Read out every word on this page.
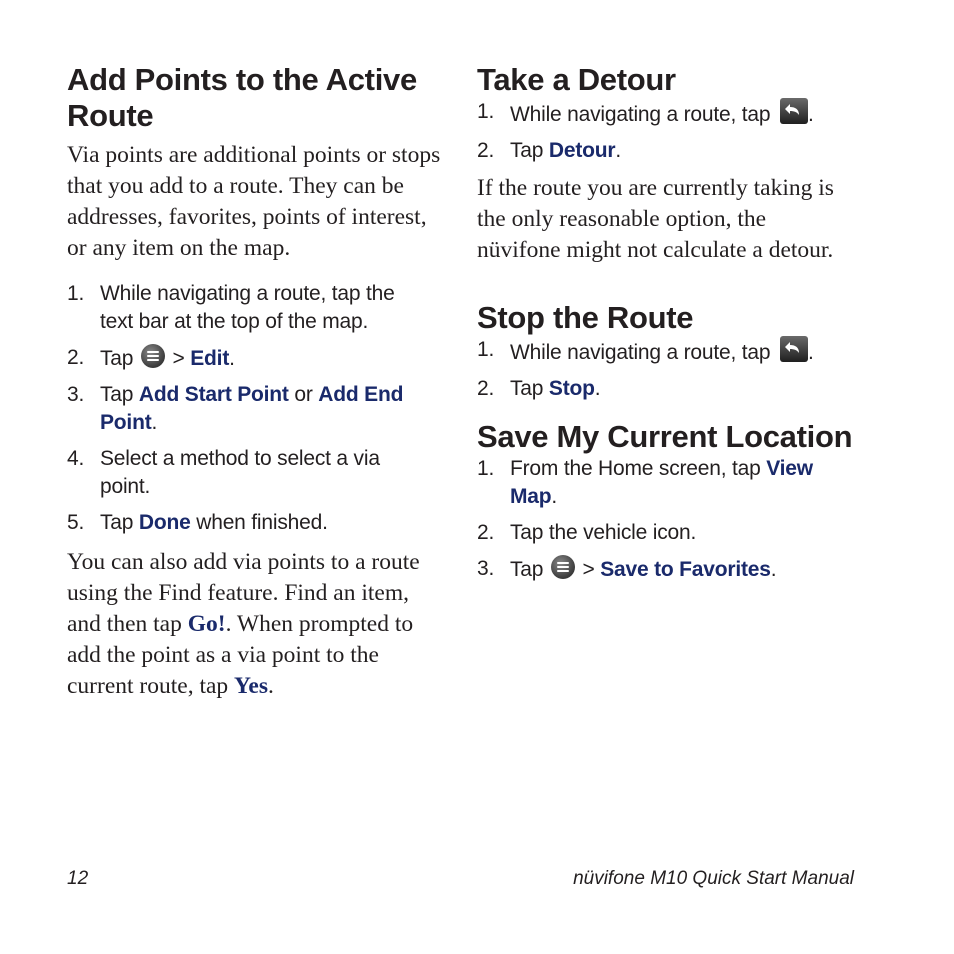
Add Points to the Active Route

Via points are additional points or stops that you add to a route. They can be addresses, favorites, points of interest, or any item on the map.

1. While navigating a route, tap the text bar at the top of the map.
2. Tap
> Edit.
3. Tap Add Start Point or Add End Point.
4. Select a method to select a via point.
5. Tap Done when finished.

You can also add via points to a route using the Find feature. Find an item, and then tap Go!. When prompted to add the point as a via point to the current route, tap Yes.

Take a Detour
1. While navigating a route, tap
.
2. Tap Detour.

If the route you are currently taking is the only reasonable option, the nüvifone might not calculate a detour.

Stop the Route
1. While navigating a route, tap
.
2. Tap Stop.
Save My Current Location
1. From the Home screen, tap View Map.
2. Tap the vehicle icon.
3. Tap
> Save to Favorites.
12	nüvifone M10 Quick Start Manual
